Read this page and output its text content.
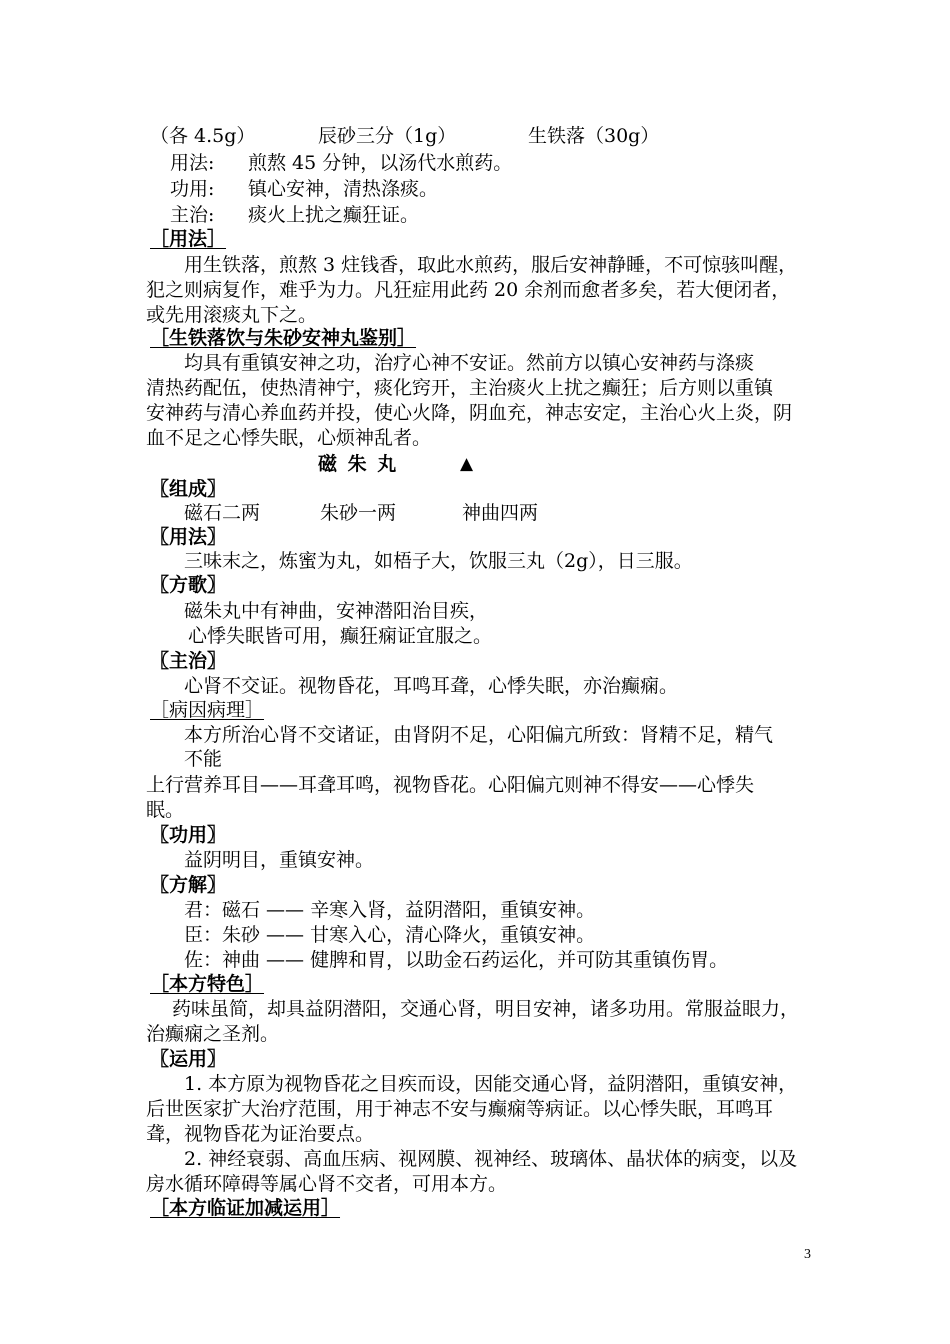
（各 4.5g）	辰砂三分（1g）	生铁落（30g）
用法: 煎熬 45 分钟，以汤代水煎药。
功用: 镇心安神，清热涤痰。
主治: 痰火上扰之癫狂证。
［用法］
用生铁落，煎熬 3 炷钱香，取此水煎药，服后安神静睡，不可惊骇叫醒，
犯之则病复作，难乎为力。凡狂症用此药 20 余剂而愈者多矣，若大便闭者，
或先用滚痰丸下之。
［生铁落饮与朱砂安神丸鉴别］
均具有重镇安神之功，治疗心神不安证。然前方以镇心安神药与涤痰
清热药配伍，使热清神宁，痰化窍开，主治痰火上扰之癫狂；后方则以重镇
安神药与清心养血药并投，使心火降，阴血充，神志安定，主治心火上炎，阴
血不足之心悸失眠，心烦神乱者。
磁 朱 丸	▲
〖组成〗
磁石二两	朱砂一两	神曲四两
〖用法〗
三味末之，炼蜜为丸，如梧子大，饮服三丸（2g），日三服。
〖方歌〗
磁朱丸中有神曲，安神潜阳治目疾，
心悸失眠皆可用，癫狂痫证宜服之。
〖主治〗
心肾不交证。视物昏花，耳鸣耳聋，心悸失眠，亦治癫痫。
［病因病理］
本方所治心肾不交诸证，由肾阴不足，心阳偏亢所致：肾精不足，精气
不能
上行营养耳目——耳聋耳鸣，视物昏花。心阳偏亢则神不得安——心悸失
眠。
〖功用〗
益阴明目，重镇安神。
〖方解〗
君：磁石 —— 辛寒入肾，益阴潜阳，重镇安神。
臣：朱砂 —— 甘寒入心，清心降火，重镇安神。
佐：神曲 —— 健脾和胃，以助金石药运化，并可防其重镇伤胃。
［本方特色］
药味虽简，却具益阴潜阳，交通心肾，明目安神，诸多功用。常服益眼力，
治癫痫之圣剂。
〖运用〗
1. 本方原为视物昏花之目疾而设，因能交通心肾，益阴潜阳，重镇安神，
后世医家扩大治疗范围，用于神志不安与癫痫等病证。以心悸失眠，耳鸣耳
聋，视物昏花为证治要点。
2. 神经衰弱、高血压病、视网膜、视神经、玻璃体、晶状体的病变，以及
房水循环障碍等属心肾不交者，可用本方。
［本方临证加减运用］
3
